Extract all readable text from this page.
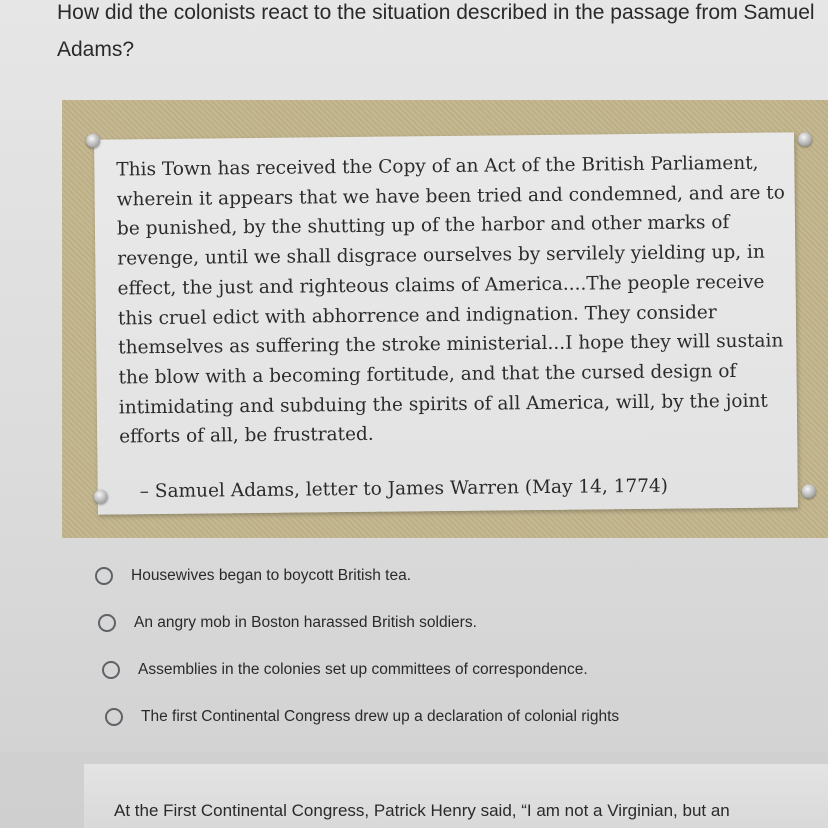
How did the colonists react to the situation described in the passage from Samuel Adams?

This Town has received the Copy of an Act of the British Parliament, wherein it appears that we have been tried and condemned, and are to be punished, by the shutting up of the harbor and other marks of revenge, until we shall disgrace ourselves by servilely yielding up, in effect, the just and righteous claims of America....The people receive this cruel edict with abhorrence and indignation. They consider themselves as suffering the stroke ministerial...I hope they will sustain the blow with a becoming fortitude, and that the cursed design of intimidating and subduing the spirits of all America, will, by the joint efforts of all, be frustrated.

– Samuel Adams, letter to James Warren (May 14, 1774)
Housewives began to boycott British tea.
An angry mob in Boston harassed British soldiers.
Assemblies in the colonies set up committees of correspondence.
The first Continental Congress drew up a declaration of colonial rights
At the First Continental Congress, Patrick Henry said, “I am not a Virginian, but an
